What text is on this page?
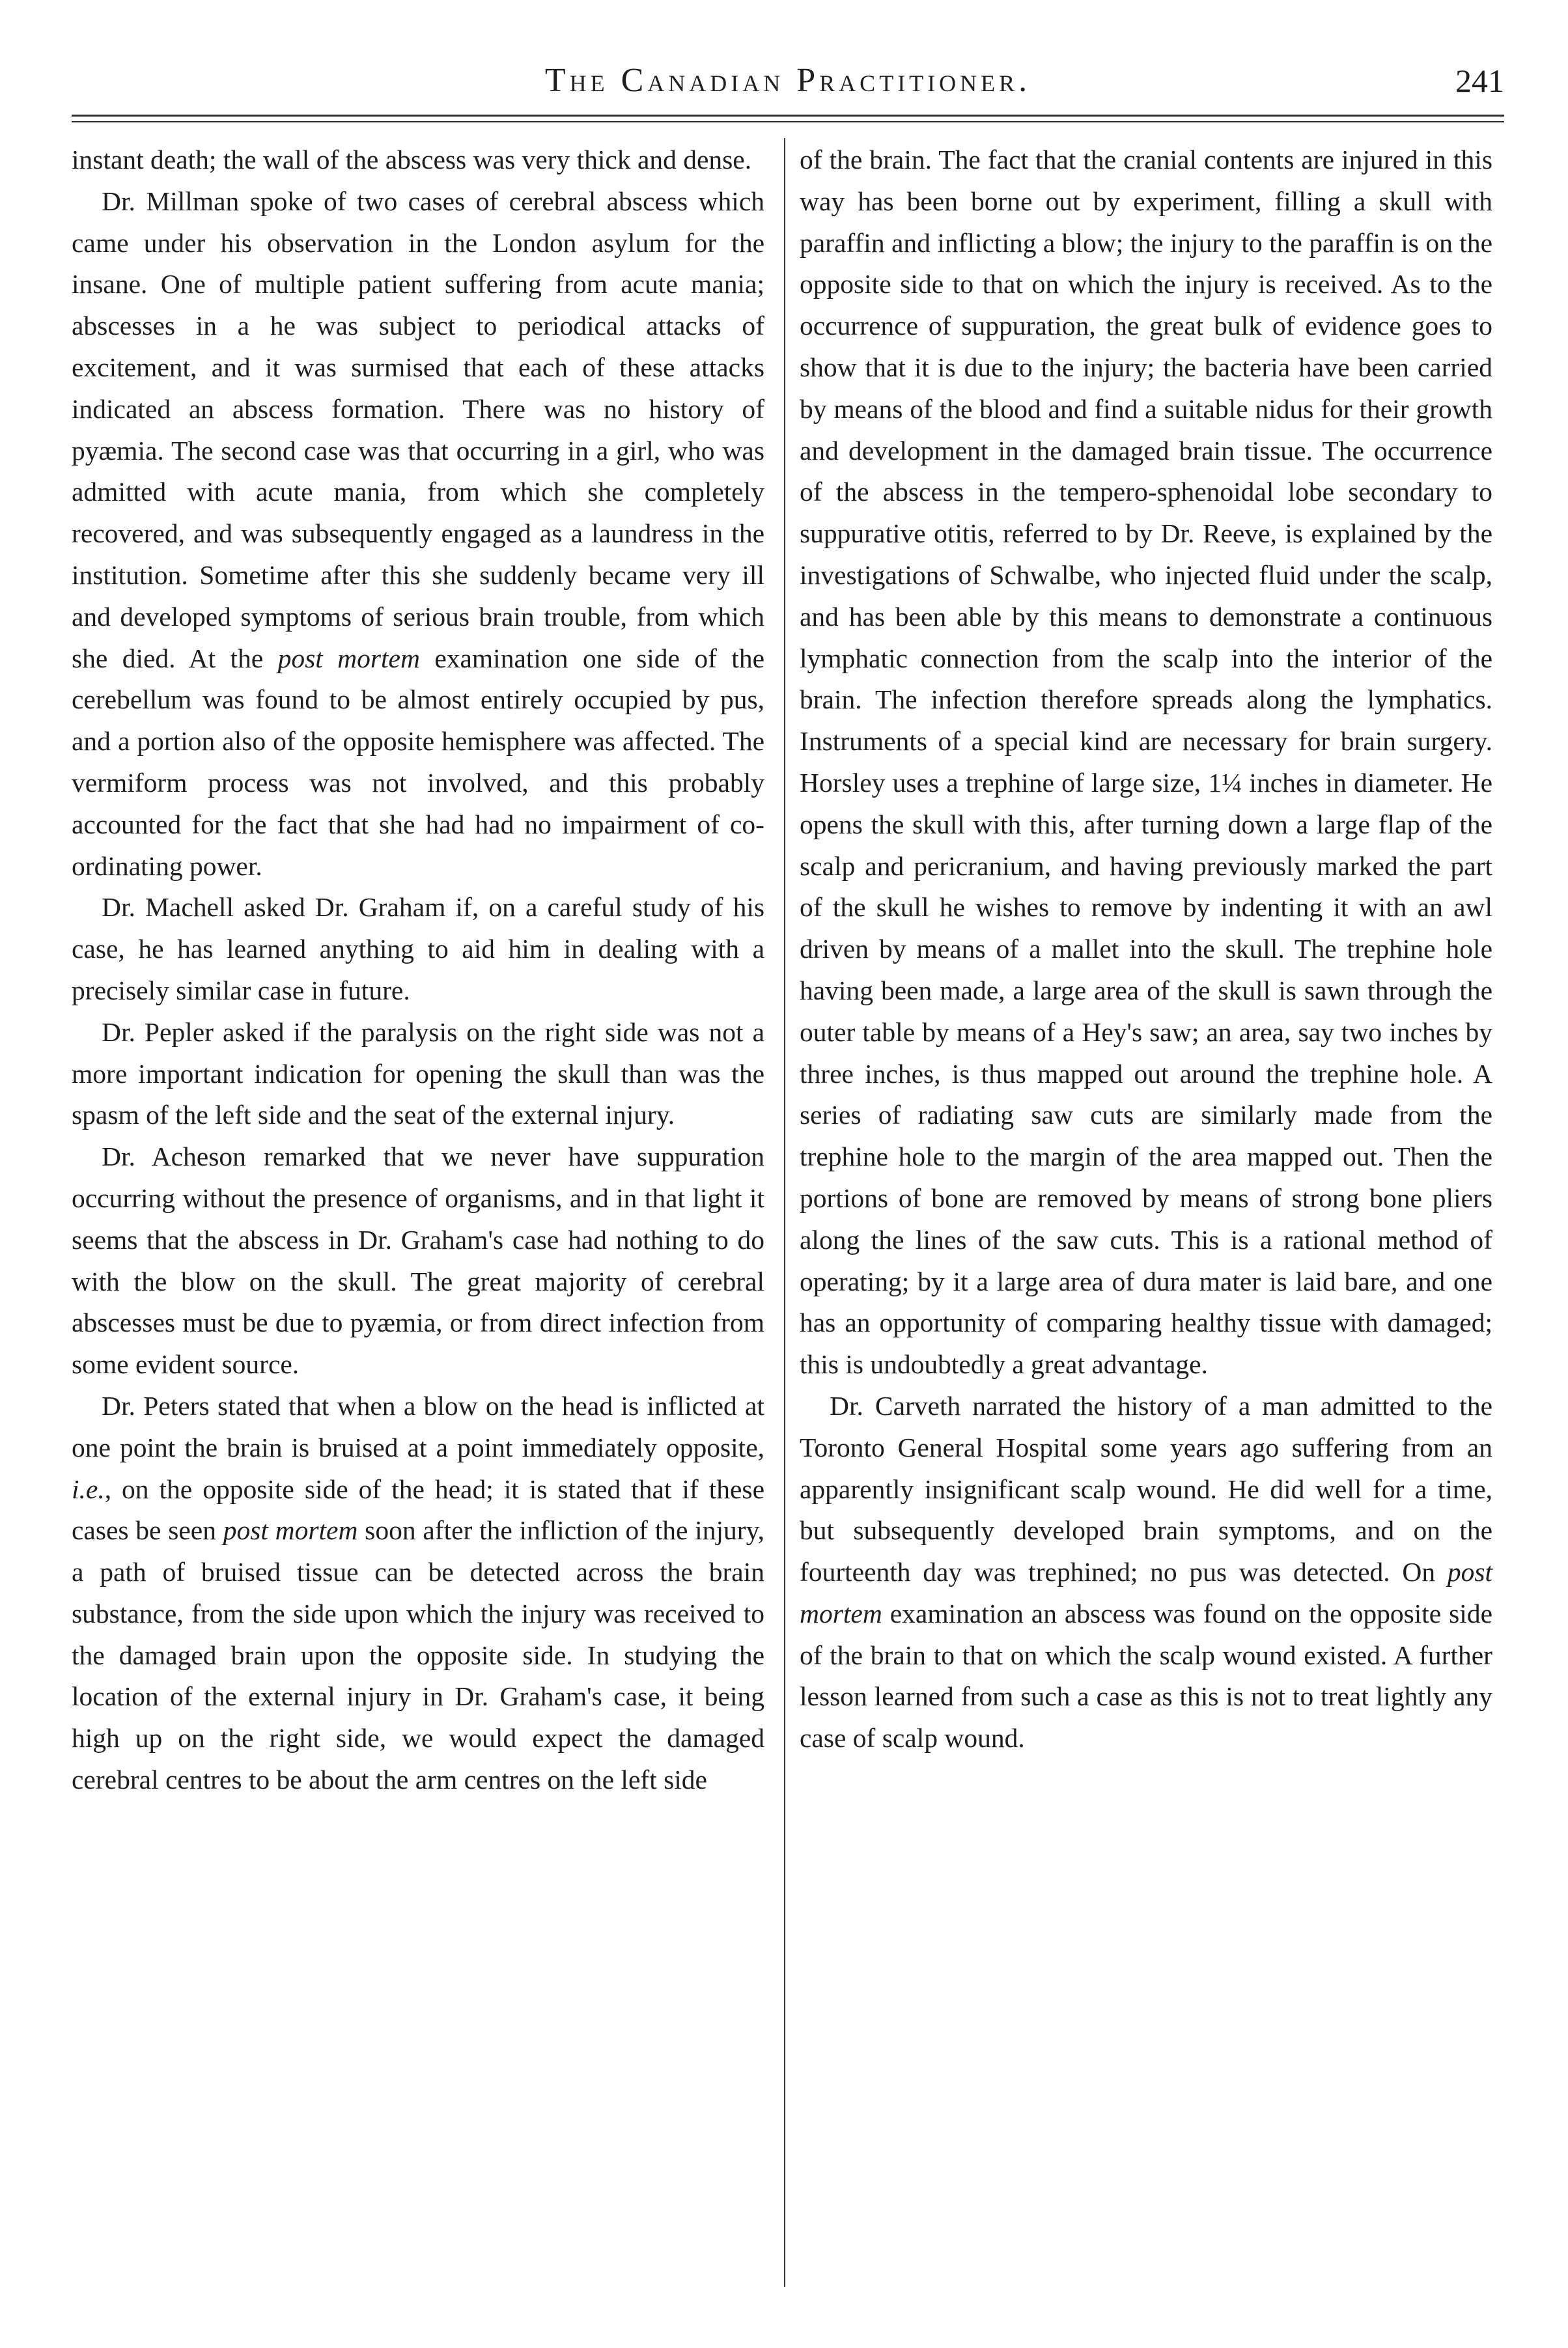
The Canadian Practitioner.	241

instant death; the wall of the abscess was very thick and dense.

Dr. Millman spoke of two cases of cerebral abscess which came under his observation in the London asylum for the insane. One of multiple patient suffering from acute mania; abscesses in a he was subject to periodical attacks of excitement, and it was surmised that each of these attacks indicated an abscess formation. There was no history of pyæmia. The second case was that occurring in a girl, who was admitted with acute mania, from which she completely recovered, and was subsequently engaged as a laundress in the institution. Sometime after this she suddenly became very ill and developed symptoms of serious brain trouble, from which she died. At the post mortem examination one side of the cerebellum was found to be almost entirely occupied by pus, and a portion also of the opposite hemisphere was affected. The vermiform process was not involved, and this probably accounted for the fact that she had had no impairment of co-ordinating power.

Dr. Machell asked Dr. Graham if, on a careful study of his case, he has learned anything to aid him in dealing with a precisely similar case in future.

Dr. Pepler asked if the paralysis on the right side was not a more important indication for opening the skull than was the spasm of the left side and the seat of the external injury.

Dr. Acheson remarked that we never have suppuration occurring without the presence of organisms, and in that light it seems that the abscess in Dr. Graham's case had nothing to do with the blow on the skull. The great majority of cerebral abscesses must be due to pyæmia, or from direct infection from some evident source.

Dr. Peters stated that when a blow on the head is inflicted at one point the brain is bruised at a point immediately opposite, i.e., on the opposite side of the head; it is stated that if these cases be seen post mortem soon after the infliction of the injury, a path of bruised tissue can be detected across the brain substance, from the side upon which the injury was received to the damaged brain upon the opposite side. In studying the location of the external injury in Dr. Graham's case, it being high up on the right side, we would expect the damaged cerebral centres to be about the arm centres on the left side

of the brain. The fact that the cranial contents are injured in this way has been borne out by experiment, filling a skull with paraffin and inflicting a blow; the injury to the paraffin is on the opposite side to that on which the injury is received. As to the occurrence of suppuration, the great bulk of evidence goes to show that it is due to the injury; the bacteria have been carried by means of the blood and find a suitable nidus for their growth and development in the damaged brain tissue. The occurrence of the abscess in the tempero-sphenoidal lobe secondary to suppurative otitis, referred to by Dr. Reeve, is explained by the investigations of Schwalbe, who injected fluid under the scalp, and has been able by this means to demonstrate a continuous lymphatic connection from the scalp into the interior of the brain. The infection therefore spreads along the lymphatics. Instruments of a special kind are necessary for brain surgery. Horsley uses a trephine of large size, 1¼ inches in diameter. He opens the skull with this, after turning down a large flap of the scalp and pericranium, and having previously marked the part of the skull he wishes to remove by indenting it with an awl driven by means of a mallet into the skull. The trephine hole having been made, a large area of the skull is sawn through the outer table by means of a Hey's saw; an area, say two inches by three inches, is thus mapped out around the trephine hole. A series of radiating saw cuts are similarly made from the trephine hole to the margin of the area mapped out. Then the portions of bone are removed by means of strong bone pliers along the lines of the saw cuts. This is a rational method of operating; by it a large area of dura mater is laid bare, and one has an opportunity of comparing healthy tissue with damaged; this is undoubtedly a great advantage.

Dr. Carveth narrated the history of a man admitted to the Toronto General Hospital some years ago suffering from an apparently insignificant scalp wound. He did well for a time, but subsequently developed brain symptoms, and on the fourteenth day was trephined; no pus was detected. On post mortem examination an abscess was found on the opposite side of the brain to that on which the scalp wound existed. A further lesson learned from such a case as this is not to treat lightly any case of scalp wound.
